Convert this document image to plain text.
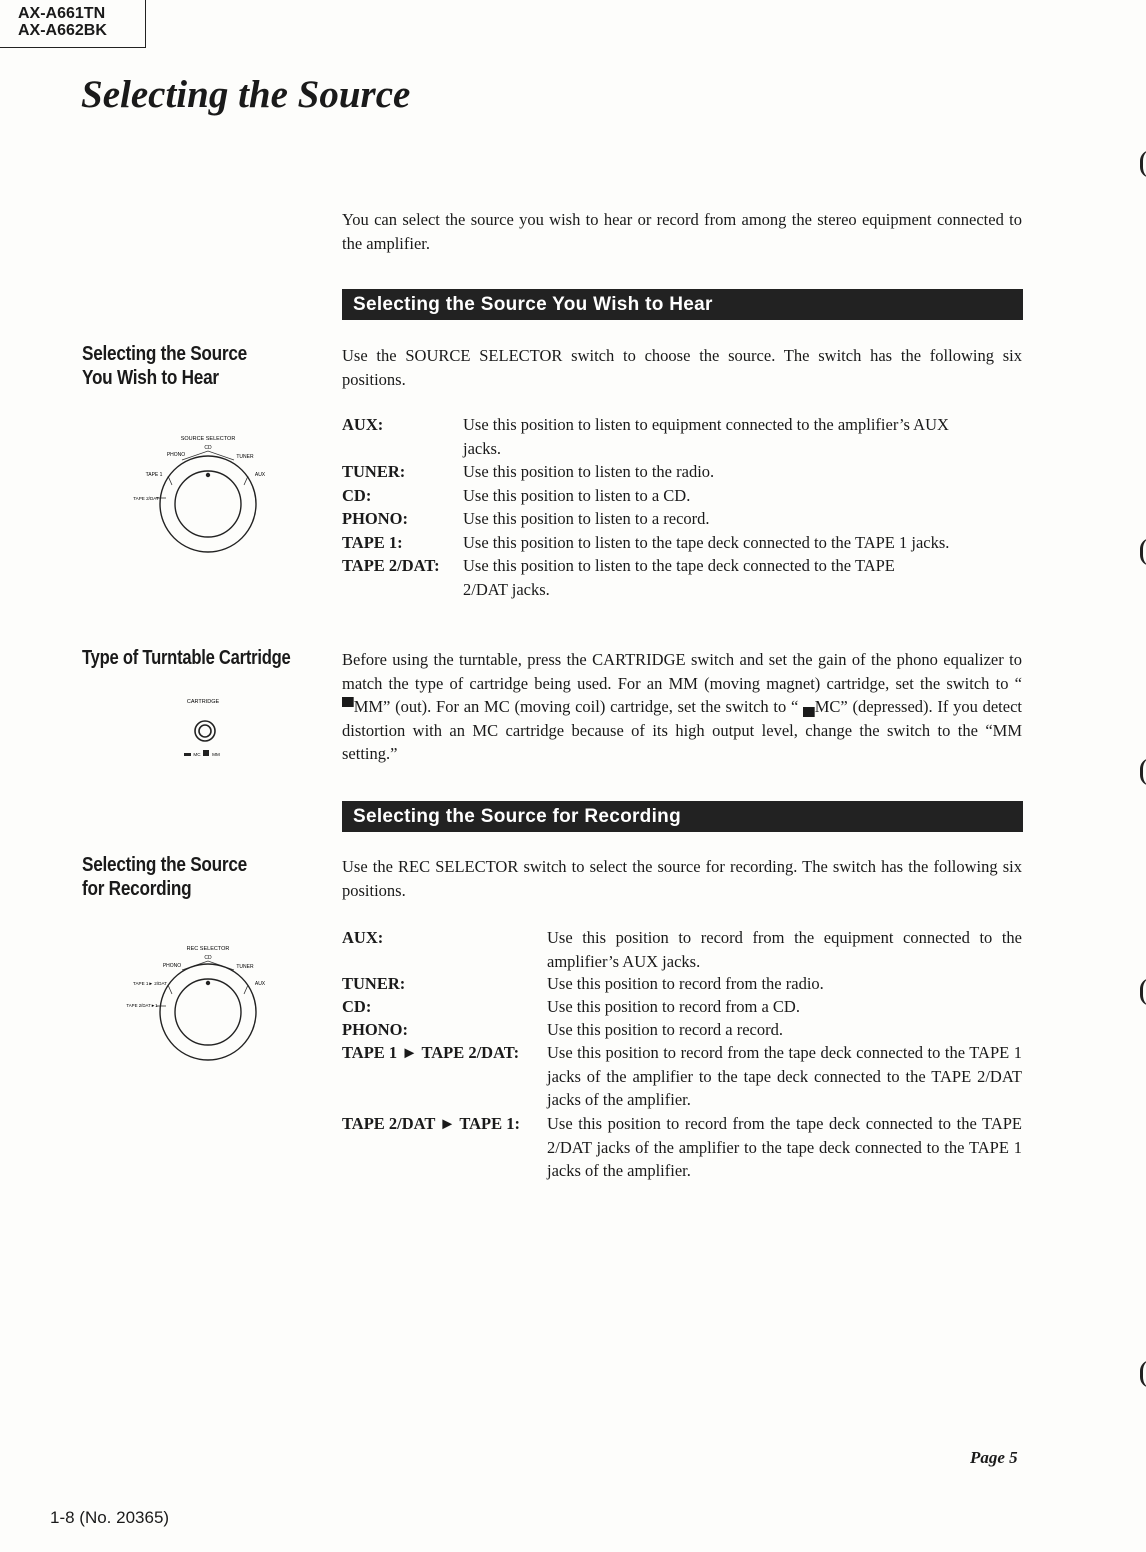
AX-A661TN
AX-A662BK
Selecting the Source
You can select the source you wish to hear or record from among the stereo equipment connected to the amplifier.
Selecting the Source You Wish to Hear
Selecting the Source
You Wish to Hear
Use the SOURCE SELECTOR switch to choose the source. The switch has the following six positions.
SOURCE SELECTOR
CD
PHONO	TUNER
TAPE 1	AUX
TAPE 2/DAT
AUX:	Use this position to listen to equipment connected to the amplifier’s AUX jacks.
TUNER:	Use this position to listen to the radio.
CD:	Use this position to listen to a CD.
PHONO:	Use this position to listen to a record.
TAPE 1:	Use this position to listen to the tape deck connected to the TAPE 1 jacks.
TAPE 2/DAT: Use this position to listen to the tape deck connected to the TAPE 2/DAT jacks.
Type of Turntable Cartridge	Before using the turntable, press the CARTRIDGE switch and set the gain of the phono equalizer to match the type of cartridge being used. For an MM (moving magnet) cartridge, set the switch to “ ▀MM” (out). For an MC (moving coil) cartridge, set the switch to “ ▄MC” (depressed). If you detect distortion with an MC cartridge because of its high output level, change the switch to the “MM setting.”
CARTRIDGE
MC	MM
Selecting the Source for Recording
Selecting the Source
for Recording
Use the REC SELECTOR switch to select the source for recording. The switch has the following six positions.
REC SELECTOR
CD
PHONO	TUNER
TAPE 1► 2/DAT	AUX
TAPE 2/DAT►1
AUX:	Use this position to record from the equipment connected to the amplifier’s AUX jacks.
TUNER:	Use this position to record from the radio.
CD:	Use this position to record from a CD.
PHONO:	Use this position to record a record.
TAPE 1 ► TAPE 2/DAT: Use this position to record from the tape deck connected to the TAPE 1 jacks of the amplifier to the tape deck connected to the TAPE 2/DAT jacks of the amplifier.
TAPE 2/DAT ► TAPE 1: Use this position to record from the tape deck connected to the TAPE 2/DAT jacks of the amplifier to the tape deck connected to the TAPE 1 jacks of the amplifier.
Page 5
1-8 (No. 20365)
